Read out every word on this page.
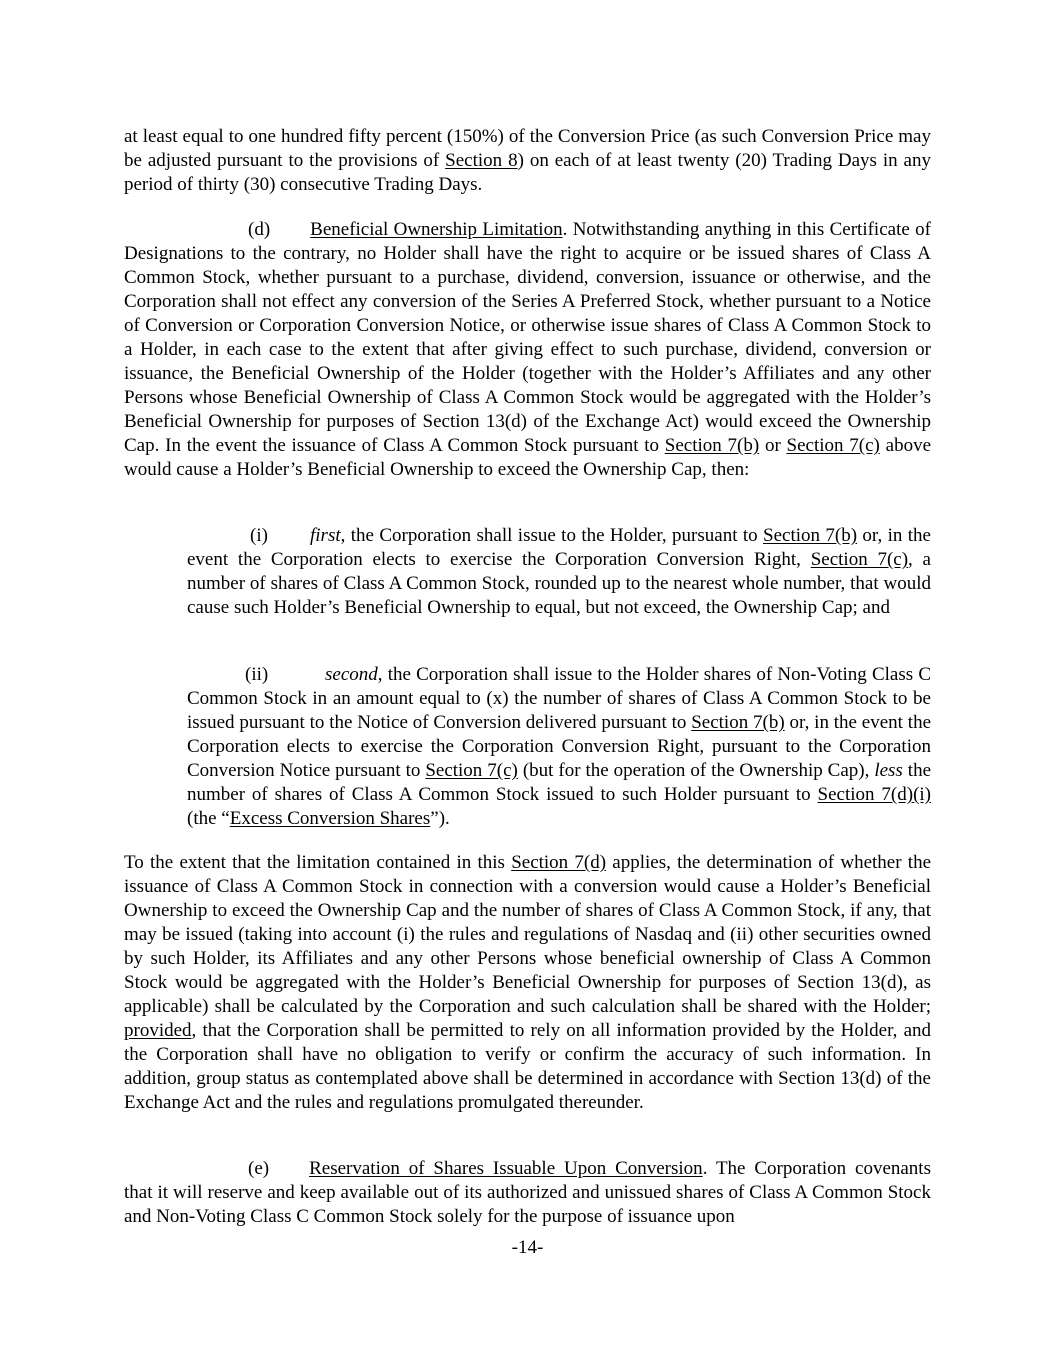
at least equal to one hundred fifty percent (150%) of the Conversion Price (as such Conversion Price may be adjusted pursuant to the provisions of Section 8) on each of at least twenty (20) Trading Days in any period of thirty (30) consecutive Trading Days.

(d) Beneficial Ownership Limitation. Notwithstanding anything in this Certificate of Designations to the contrary, no Holder shall have the right to acquire or be issued shares of Class A Common Stock, whether pursuant to a purchase, dividend, conversion, issuance or otherwise, and the Corporation shall not effect any conversion of the Series A Preferred Stock, whether pursuant to a Notice of Conversion or Corporation Conversion Notice, or otherwise issue shares of Class A Common Stock to a Holder, in each case to the extent that after giving effect to such purchase, dividend, conversion or issuance, the Beneficial Ownership of the Holder (together with the Holder’s Affiliates and any other Persons whose Beneficial Ownership of Class A Common Stock would be aggregated with the Holder’s Beneficial Ownership for purposes of Section 13(d) of the Exchange Act) would exceed the Ownership Cap. In the event the issuance of Class A Common Stock pursuant to Section 7(b) or Section 7(c) above would cause a Holder’s Beneficial Ownership to exceed the Ownership Cap, then:

(i) first, the Corporation shall issue to the Holder, pursuant to Section 7(b) or, in the event the Corporation elects to exercise the Corporation Conversion Right, Section 7(c), a number of shares of Class A Common Stock, rounded up to the nearest whole number, that would cause such Holder’s Beneficial Ownership to equal, but not exceed, the Ownership Cap; and

(ii)	second, the Corporation shall issue to the Holder shares of Non-Voting Class C Common Stock in an amount equal to (x) the number of shares of Class A Common Stock to be issued pursuant to the Notice of Conversion delivered pursuant to Section 7(b) or, in the event the Corporation elects to exercise the Corporation Conversion Right, pursuant to the Corporation Conversion Notice pursuant to Section 7(c) (but for the operation of the Ownership Cap), less the number of shares of Class A Common Stock issued to such Holder pursuant to Section 7(d)(i) (the “Excess Conversion Shares”).

To the extent that the limitation contained in this Section 7(d) applies, the determination of whether the issuance of Class A Common Stock in connection with a conversion would cause a Holder’s Beneficial Ownership to exceed the Ownership Cap and the number of shares of Class A Common Stock, if any, that may be issued (taking into account (i) the rules and regulations of Nasdaq and (ii) other securities owned by such Holder, its Affiliates and any other Persons whose beneficial ownership of Class A Common Stock would be aggregated with the Holder’s Beneficial Ownership for purposes of Section 13(d), as applicable) shall be calculated by the Corporation and such calculation shall be shared with the Holder; provided, that the Corporation shall be permitted to rely on all information provided by the Holder, and the Corporation shall have no obligation to verify or confirm the accuracy of such information. In addition, group status as contemplated above shall be determined in accordance with Section 13(d) of the Exchange Act and the rules and regulations promulgated thereunder.

(e) Reservation of Shares Issuable Upon Conversion. The Corporation covenants that it will reserve and keep available out of its authorized and unissued shares of Class A Common Stock and Non-Voting Class C Common Stock solely for the purpose of issuance upon

-14-
